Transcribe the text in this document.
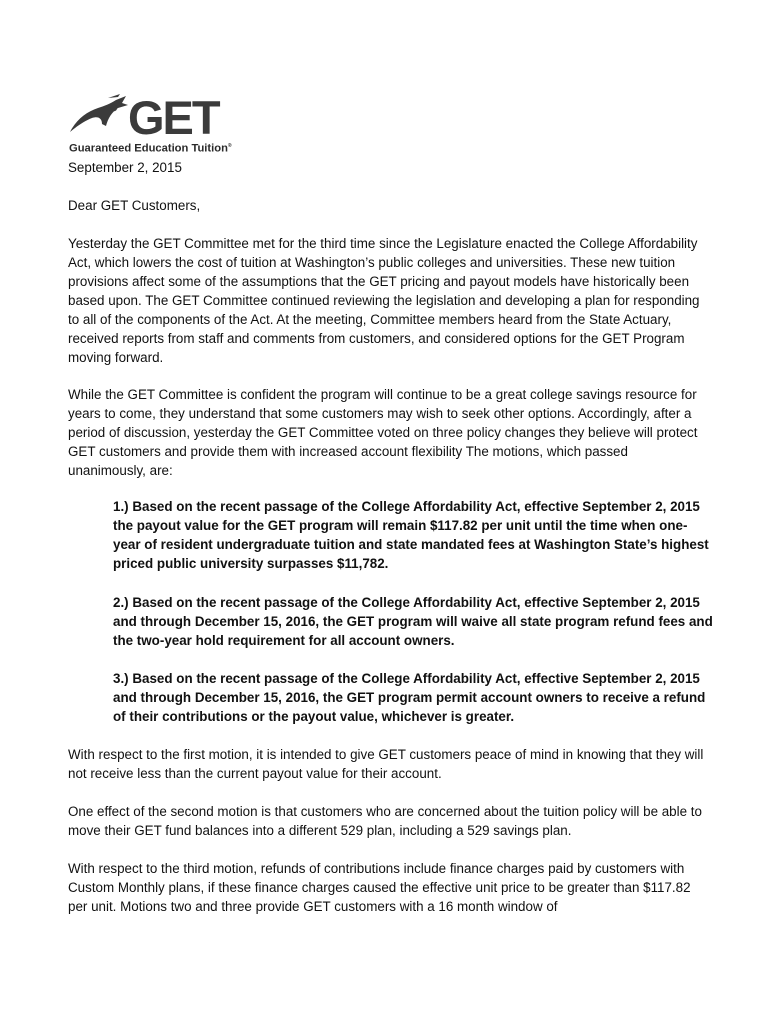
GET
Guaranteed Education Tuition®

September 2, 2015

Dear GET Customers,

Yesterday the GET Committee met for the third time since the Legislature enacted the College Affordability Act, which lowers the cost of tuition at Washington’s public colleges and universities. These new tuition provisions affect some of the assumptions that the GET pricing and payout models have historically been based upon. The GET Committee continued reviewing the legislation and developing a plan for responding to all of the components of the Act. At the meeting, Committee members heard from the State Actuary, received reports from staff and comments from customers, and considered options for the GET Program moving forward.

While the GET Committee is confident the program will continue to be a great college savings resource for years to come, they understand that some customers may wish to seek other options. Accordingly, after a period of discussion, yesterday the GET Committee voted on three policy changes they believe will protect GET customers and provide them with increased account flexibility The motions, which passed unanimously, are:

1.) Based on the recent passage of the College Affordability Act, effective September 2, 2015 the payout value for the GET program will remain $117.82 per unit until the time when one-year of resident undergraduate tuition and state mandated fees at Washington State’s highest priced public university surpasses $11,782.

2.) Based on the recent passage of the College Affordability Act, effective September 2, 2015 and through December 15, 2016, the GET program will waive all state program refund fees and the two-year hold requirement for all account owners.

3.) Based on the recent passage of the College Affordability Act, effective September 2, 2015 and through December 15, 2016, the GET program permit account owners to receive a refund of their contributions or the payout value, whichever is greater.

With respect to the first motion, it is intended to give GET customers peace of mind in knowing that they will not receive less than the current payout value for their account.

One effect of the second motion is that customers who are concerned about the tuition policy will be able to move their GET fund balances into a different 529 plan, including a 529 savings plan.

With respect to the third motion, refunds of contributions include finance charges paid by customers with Custom Monthly plans, if these finance charges caused the effective unit price to be greater than $117.82 per unit. Motions two and three provide GET customers with a 16 month window of
